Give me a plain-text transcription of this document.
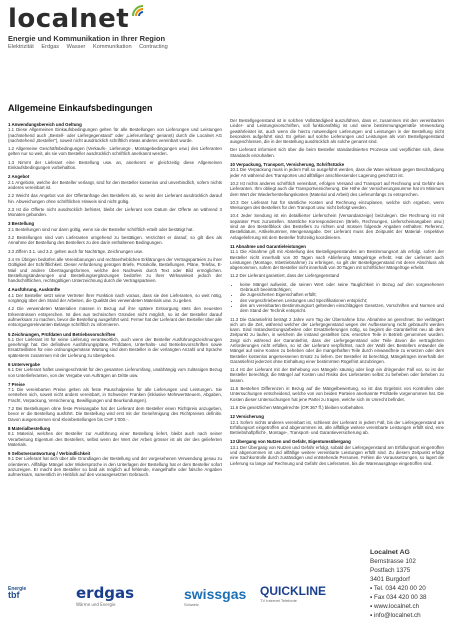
localnet
Energie und Kommunikation in Ihrer Region
Elektrizität Erdgas Wasser Kommunikation Contracting
Allgemeine Einkaufsbedingungen
1 Anwendungsbereich und Geltung
1.1 Diese Allgemeinen Einkaufsbedingungen gelten für alle Bestellungen von Lieferungen und Leistungen (nachstehend auch „Bestell- oder Liefergegenstand“ oder „Lieferumfang“ genannt) durch die Localnet AG (nachstehend „Besteller“), soweit nicht ausdrücklich schriftlich etwas anderes vereinbart wurde.
1.2 Allgemeine Geschäftsbedingungen (Verkaufs-, Lieferungs-, Montagebedingungen usw.) des Lieferanten gelten nur so weit, als sie vom Besteller ausdrücklich schriftlich anerkannt werden.
1.3 Nimmt der Lieferant eine Bestellung usw. an, anerkennt er gleichzeitig diese Allgemeinen Einkaufsbedingungen vorbehaltlos.
2 Angebot
2.1 Angebote, welche der Besteller verlangt, sind für den Besteller kostenlos und unverbindlich, sofern nichts anderes vereinbart ist.
2.2 Weicht das Angebot von der Offertanfrage des Bestellers ab, so weist der Lieferant ausdrücklich darauf hin. Abweichungen ohne schriftlichen Hinweis sind nicht gültig.
2.3 Ist die Offerte nicht ausdrücklich befristet, bleibt der Lieferant vom Datum der Offerte an während 3 Monaten gebunden.
3 Bestellung
3.1 Bestellungen sind nur dann gültig, wenn sie der Besteller schriftlich erteilt oder bestätigt hat.
3.2 Bestellungen sind vom Lieferanten umgehend zu bestätigen. Verzichtet er darauf, so gilt dies als Annahme der Bestellung des Bestellers zu den darin enthaltenen Bedingungen.
3.3 Ziffern 3.1. und 3.2. gelten auch für Nachträge, Zeichnungen usw.
3.4 Im Übrigen bedürfen alle Vereinbarungen und rechtserheblichen Erklärungen der Vertragsparteien zu ihrer Gültigkeit der Schriftlichkeit. Dieser Anforderung genügen Briefe, Protokolle, Bestellungen, Pläne, Telefax, E-Mail und andere Übertragungsformen, welche den Nachweis durch Text oder Bild ermöglichen. Bestellungsänderungen und Bestellungsergänzungen bedürfen zu ihrer Wirksamkeit jedoch der handschriftlichen, rechtsgültigen Unterzeichnung durch die Vertragsparteien.
4 Ausführung, Auskünfte
4.1 Der Besteller setzt seine Vertreter ihrer Funktion nach voraus, dass sie den Lieferanten, so weit nötig, vorgängig über den Stand der Arbeiten, die Qualität des verwendeten Materials usw. zu geben.
4.2 Die verwendeten Materialien müssen in Bezug auf ihre spätere Entsorgung stets den neuesten Erkenntnissen entsprechen. Ist dies aus technischen Gründen nicht möglich, so ist der Besteller darauf aufmerksam zu machen, bevor die Bestellung ausgeführt wird. Ferner hat der Lieferant den Besteller über alle entsorgungsrelevanten Belange schriftlich zu informieren.
5 Zeichnungen, Prüfdaten und Betriebsvorschriften
5.1 Der Lieferant ist für seine Lieferung verantwortlich, auch wenn der Besteller Ausführungszeichnungen genehmigt hat. Die definitiven Ausführungspläne, Prüfdaten, Unterhalts- und Betriebsvorschriften sowie Ersatzteillisten für eine ordnungsgemässe Wartung sind dem Besteller in der verlangten Anzahl und Sprache spätestens zusammen mit der Lieferung zu übergeben.
6 Untervergabe
6.1 Der Lieferant haftet uneingeschränkt für den gesamten Lieferumfang, unabhängig vom zulässigen Bezug von Unterlieferanten, von der Vergabe von Aufträgen an Dritte usw.
7 Preise
7.1 Die vereinbarten Preise gelten als feste Pauschalpreise für alle Lieferungen und Leistungen. Sie verstehen sich, soweit nicht anders vereinbart, in Schweizer Franken (inklusive Mehrwertsteuern, Abgaben, Fracht, Verpackung, Versicherung, Bewilligungen und Beurkundungen).
7.2 Bei Bestellungen ohne feste Preisangabe hat der Lieferant dem Besteller einen Richtpreis anzugeben, bevor er die Bestellung ausführt. Die Bestellung wird erst mit der Genehmigung des Richtpreises definitiv. Davon ausgenommen sind Kleinbestellungen bis CHF 1'000.-.
8 Materialbestellung
8.1 Material, welches der Besteller zur Ausführung einer Bestellung liefert, bleibt auch nach seiner Verarbeitung Eigentum des Bestellers, selbst wenn der Wert der Arbeit grösser ist als der des gelieferten Materials.
9 Selbstverantwortung / Verbindlichkeit
9.1 Der Lieferant hat sich über alle Grundlagen der Bestellung und der vorgesehenen Verwendung genau zu orientieren. Allfällige Mängel oder Widersprüche in den Unterlagen der Bestellung hat er dem Besteller sofort anzuzeigen. Er macht den Besteller so bald als möglich auf fehlende, mangelhafte oder falsche Angaben aufmerksam, namentlich im Hinblick auf den vorausgesetzten Gebrauch.
Der Bestellgegenstand ist in solchen Vollständigkeit auszuführen, dass er, zusammen mit den vereinbarten Lieder- und Leistungsvorschriften, voll funktionsfähig ist und seine bestimmungsgemäße Verwendung gewährleistet ist, auch wenn die hierzu notwendigen Lieferungen und Leistungen in der Bestellung nicht besonders aufgeführt sind. Es gelten auf solche Lieferungen und Leistungen als vom Bestellgegenstand ausgeschlossen, die in der Bestellung ausdrücklich als solche genannt sind.
Der Lieferant informiert sich über die beim Besteller standardisierten Prozesse und verpflichtet sich, diese Standards einzuhalten.
10 Verpackung, Transport, Versicherung, Schriftstücke
10.1 Die Verpackung muss in jedem Fall so ausgeführt werden, dass die Ware wirksam gegen Beschädigung jeder Art während des Transportes und allfälliger anschliessender Lagerung geschützt ist.
10.2 Ist nichts anderes schriftlich vereinbart, erfolgen Versand und Transport auf Rechnung und Gefahr des Lieferanten. Ihm obliegt auch die Transportversicherung. Die Höhe der Versicherungssumme hat im Minimum dem Wert der Wiederherstellungskosten (Material und Arbeit) des Lieferumfangs zu entsprechen.
10.3 Der Lieferant hat für sämtliche Kosten und Rechnung einzuplanen, welche sich ergeben, wenn Weisungen des Bestellers für den Transport usw. nicht befolgt werden.
10.4 Jeder Sendung ist ein detaillierter Lieferschein (Versandanzeige) beizulegen. Die Rechnung ist mit separater Post zuzustellen. Sämtliche Korrespondenzen (Briefe, Rechnungen, Lieferscheinangaben usw.) sind an den Bestellblock des Bestellers zu richten und müssen folgende Angaben enthalten: Referenz, Bestelldatum, Artikelnummer, Mengenangabe. Der Lieferant muss den Zeitpunkt der Material- respektive Anlagelieferung mit dem Besteller frühzeitig koordinieren.
11 Abnahme und Garantieleistungen
11.1 Die Abnahme gilt mit Abstellung des Bestellgegenstandes am Bestimmungsort als erfolgt, sofern der Besteller nicht innerhalb von 30 Tagen nach Ablieferung Mängelrüge erhebt. Hat der Lieferant auch Leistungen (Montage, Inbetriebnahme) zu erbringen, so gilt der Bestellgegenstand mit deren Abschluss als abgenommen, sofern der Besteller nicht innerhalb von 30 Tagen mit schriftlicher Mängelrüge erhebt.
11.2 Der Lieferant garantiert, dass der Liefergegenstand
• keine Mängel aufweist, die seinen Wert oder seine Tauglichkeit in Bezug auf den vorgesehenen Gebrauch beeinträchtigen;
• die zugesicherten Eigenschaften erfüllt;
• den vorgeschriebenen Leistungen und Spezifikationen entspricht;
• den am vereinbarten Bestimmungsort geltenden einschlägigen Gesetzen, Vorschriften und Normen und dem Stand der Technik entspricht.
11.3 Die Garantiefrist beträgt 2 Jahre vom Tag der Übernahme bzw. Abnahme an gerechnet. Sie verlängert sich um die Zeit, während welcher der Liefergegenstand wegen der Aufbesserung nicht gebraucht werden kann. Sind Instandsetzungsarbeiten oder Ersatzlieferungen nötig, so beginnt die Garantiefrist neu ab dem Zeitpunkt zu laufen, in welchem die instand gestellten bzw. ersetzten Teile in Betrieb genommen wurden. Zeigt sich während der Garantiefrist, dass der Liefergegenstand oder Teile davon die vertraglichen Anforderungen nicht erfüllen, so ist der Lieferant verpflichtet, nach der Wahl des Bestellers entweder die Mängel auf seine Kosten zu beheben oder die mangelhaften Teile durch einwandfreie zu ersetzen oder dem Besteller kostenlos angemessenen Ersatz zu liefern. Der Besteller ist berechtigt, Mängelrügen innerhalb der Garantiefrist jederzeit ohne Einhaltung einer bestimmten Rügefrist anzubringen.
11.4 Ist der Lieferant mit der Behebung von Mängeln säumig oder liegt ein dringender Fall vor, so ist der Besteller berechtigt, die Mängel auf Kosten und Risiko des Lieferanten selbst zu beheben oder beheben zu lassen.
11.5 Bestehen Differenzen in Bezug auf die Mängelbewertung, so ist das Ergebnis von Kontrollen oder Untersuchungen entscheidend, welche von von beiden Parteien anerkannte Prüfstelle vorgenommen hat. Die Kosten dieser Untersuchungen hat jene Partei zu tragen, welche sich im Unrecht befindet.
11.6 Die gesetzlichen Mängelrechte (OR 367 ff.) bleiben vorbehalten.
12 Versicherung
12.1 Sofern nichts anderes vereinbart ist, schliesst der Lieferant in jedem Fall, bis der Liefergegenstand am Erfüllungsort eingetroffen und abgenommen ist, alle allfällige weitere vereinbarte Leistungen erfüllt sind, eine Betriebshaftpflicht-, Montage-, Transport- und Garantieversicherung ab.
13 Übergang von Nutzen und Gefahr, Eigentumsübergang
13.1 Der Übergang von Nutzen und Gefahr erfolgt, sobald der Liefergegenstand am Erfüllungsort eingetroffen und abgenommen ist und allfällige weitere vereinbarte Leistungen erfüllt sind. Zu diesem Zeitpunkt erfolgt eine Sachkontrolle durch zuständigen und entstehende Personen. Fehlen die Voraussetzungen, so lagert die Lieferung so lange auf Rechnung und Gefahr des Lieferanten, bis die Warenausgänge eingetroffen sind.
Energie
tbf	erdgas
Wärme und Energie
swissgas
Schweiz
QUICKLINE
TV Internet Telefonie
Localnet AG
Bernstrasse 102
Postfach 1375
3401 Burgdorf
▪ Tel. 034 420 00 20
▪ Fax 034 420 00 38
▪ www.localnet.ch
▪ info@localnet.ch
